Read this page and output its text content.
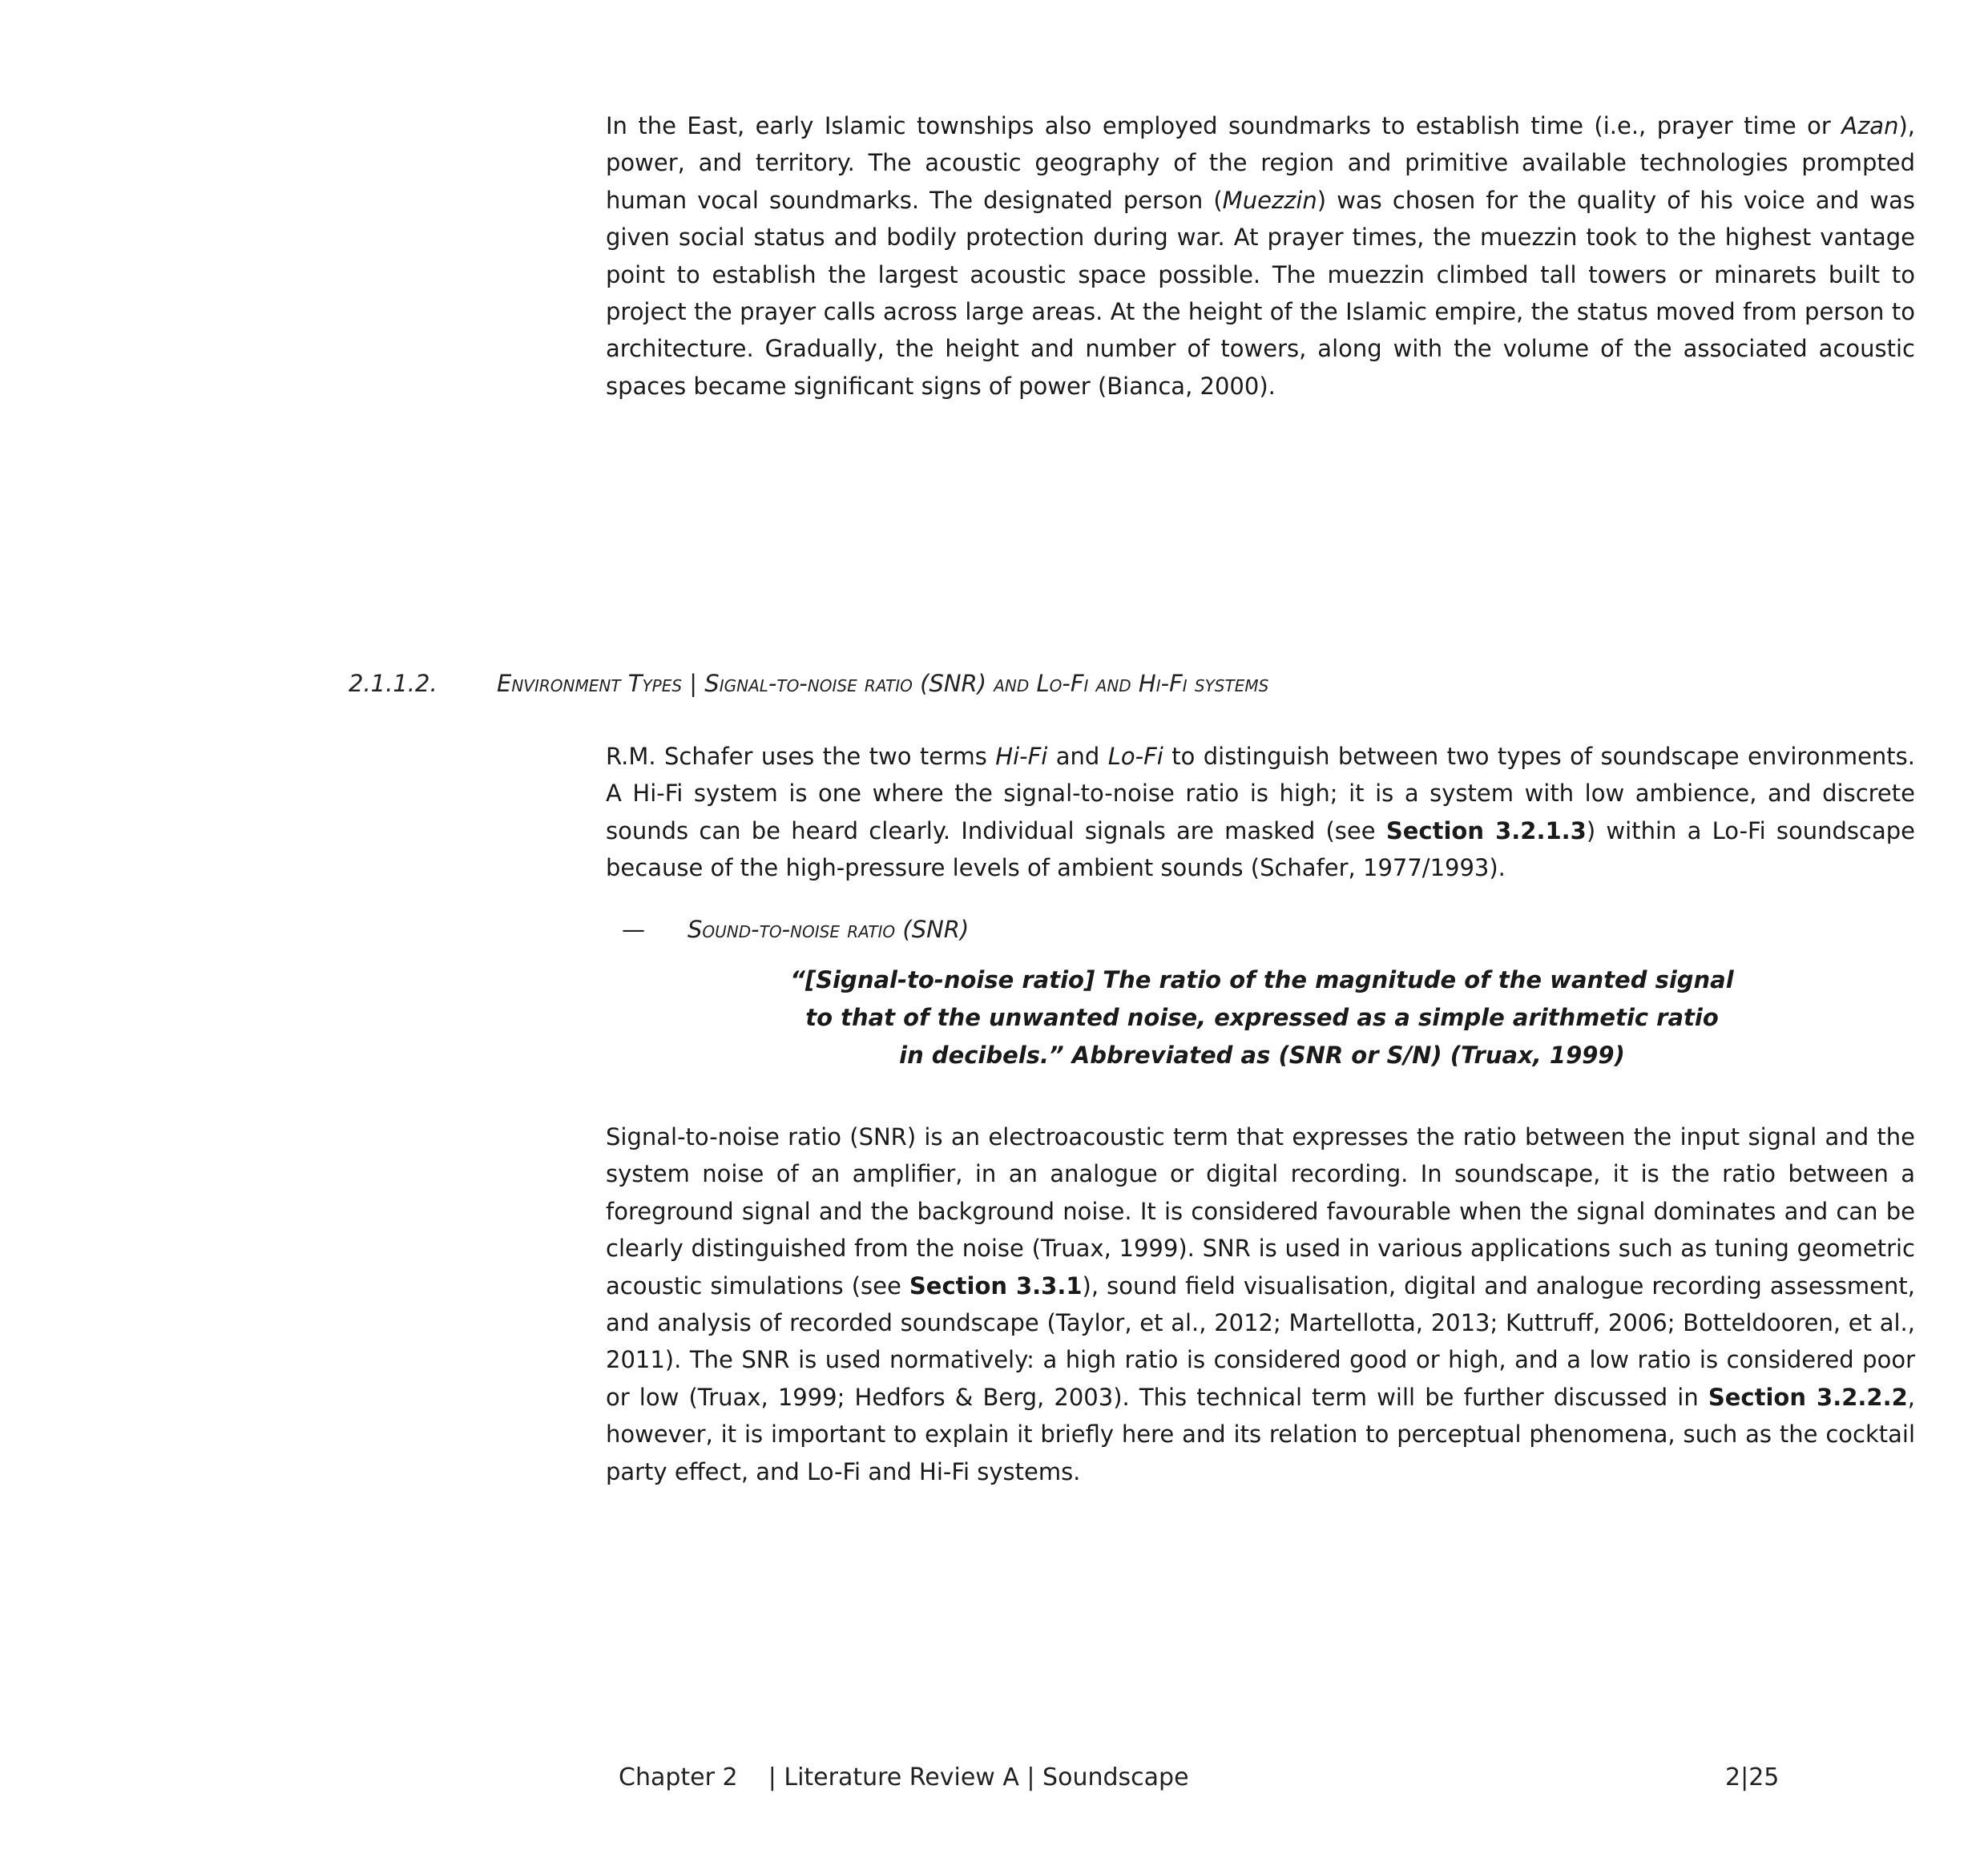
In the East, early Islamic townships also employed soundmarks to establish time (i.e., prayer time or Azan), power, and territory. The acoustic geography of the region and primitive available technologies prompted human vocal soundmarks. The designated person (Muezzin) was chosen for the quality of his voice and was given social status and bodily protection during war. At prayer times, the muezzin took to the highest vantage point to establish the largest acoustic space possible. The muezzin climbed tall towers or minarets built to project the prayer calls across large areas. At the height of the Islamic empire, the status moved from person to architecture. Gradually, the height and number of towers, along with the volume of the associated acoustic spaces became significant signs of power (Bianca, 2000).

2.1.1.2.	Environment Types | Signal-to-noise ratio (SNR) and Lo-Fi and Hi-Fi systems

R.M. Schafer uses the two terms Hi-Fi and Lo-Fi to distinguish between two types of soundscape environments. A Hi-Fi system is one where the signal-to-noise ratio is high; it is a system with low ambience, and discrete sounds can be heard clearly. Individual signals are masked (see Section 3.2.1.3) within a Lo-Fi soundscape because of the high-pressure levels of ambient sounds (Schafer, 1977/1993).

— Sound-to-noise ratio (SNR)

“[Signal-to-noise ratio] The ratio of the magnitude of the wanted signal
to that of the unwanted noise, expressed as a simple arithmetic ratio
in decibels.” Abbreviated as (SNR or S/N) (Truax, 1999)

Signal-to-noise ratio (SNR) is an electroacoustic term that expresses the ratio between the input signal and the system noise of an amplifier, in an analogue or digital recording. In soundscape, it is the ratio between a foreground signal and the background noise. It is considered favourable when the signal dominates and can be clearly distinguished from the noise (Truax, 1999). SNR is used in various applications such as tuning geometric acoustic simulations (see Section 3.3.1), sound field visualisation, digital and analogue recording assessment, and analysis of recorded soundscape (Taylor, et al., 2012; Martellotta, 2013; Kuttruff, 2006; Botteldooren, et al., 2011). The SNR is used normatively: a high ratio is considered good or high, and a low ratio is considered poor or low (Truax, 1999; Hedfors & Berg, 2003). This technical term will be further discussed in Section 3.2.2.2, however, it is important to explain it briefly here and its relation to perceptual phenomena, such as the cocktail party effect, and Lo-Fi and Hi-Fi systems.

Chapter 2    | Literature Review A | Soundscape	2|25
